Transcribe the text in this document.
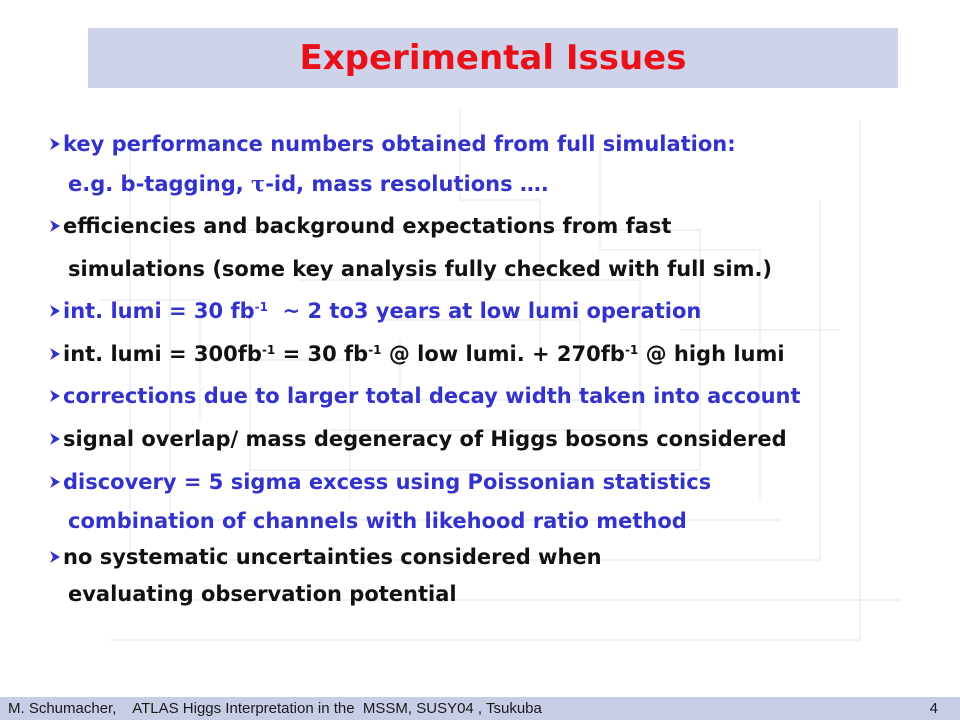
Experimental Issues
key performance numbers obtained from full simulation:
e.g. b-tagging, τ-id, mass resolutions ….
efficiencies and background expectations from fast
simulations (some key analysis fully checked with full sim.)
int. lumi = 30 $fb^{-1}$  ~ 2 to3 years at low lumi operation
int. lumi = $300fb^{-1} = 30$ $fb^{-1}$ @ low lumi. + $270fb^{-1}$ @ high lumi
corrections due to larger total decay width taken into account
signal overlap/ mass degeneracy of Higgs bosons considered
discovery = 5 sigma excess using Poissonian statistics
combination of channels with likehood ratio method
no systematic uncertainties considered when
evaluating observation potential
M. Schumacher,    ATLAS Higgs Interpretation in the  MSSM, SUSY04 , Tsukuba	4
